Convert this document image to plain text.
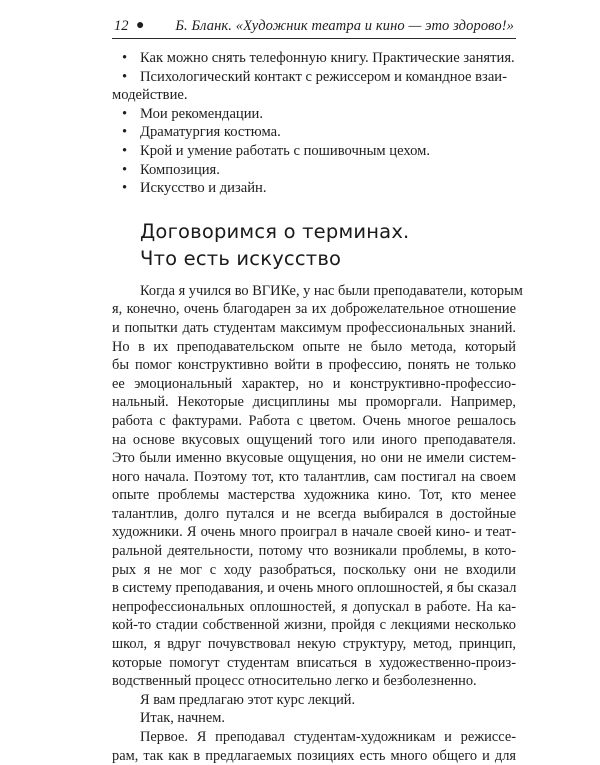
12 ● Б. Бланк. «Художник театра и кино — это здорово!»
• Как можно снять телефонную книгу. Практические занятия.
• Психологический контакт с режиссером и командное взаи-
модействие.
• Мои рекомендации.
• Драматургия костюма.
• Крой и умение работать с пошивочным цехом.
• Композиция.
• Искусство и дизайн.
Договоримся о терминах.
Что есть искусство
Когда я учился во ВГИКе, у нас были преподаватели, которым
я, конечно, очень благодарен за их доброжелательное отношение
и попытки дать студентам максимум профессиональных знаний.
Но в их преподавательском опыте не было метода, который
бы помог конструктивно войти в профессию, понять не только
ее эмоциональный характер, но и конструктивно-профессио-
нальный. Некоторые дисциплины мы проморгали. Например,
работа с фактурами. Работа с цветом. Очень многое решалось
на основе вкусовых ощущений того или иного преподавателя.
Это были именно вкусовые ощущения, но они не имели систем-
ного начала. Поэтому тот, кто талантлив, сам постигал на своем
опыте проблемы мастерства художника кино. Тот, кто менее
талантлив, долго путался и не всегда выбирался в достойные
художники. Я очень много проиграл в начале своей кино- и теат-
ральной деятельности, потому что возникали проблемы, в кото-
рых я не мог с ходу разобраться, поскольку они не входили
в систему преподавания, и очень много оплошностей, я бы сказал
непрофессиональных оплошностей, я допускал в работе. На ка-
кой-то стадии собственной жизни, пройдя с лекциями несколько
школ, я вдруг почувствовал некую структуру, метод, принцип,
которые помогут студентам вписаться в художественно-произ-
водственный процесс относительно легко и безболезненно.
Я вам предлагаю этот курс лекций.
Итак, начнем.
Первое. Я преподавал студентам-художникам и режиссе-
рам, так как в предлагаемых позициях есть много общего и для
